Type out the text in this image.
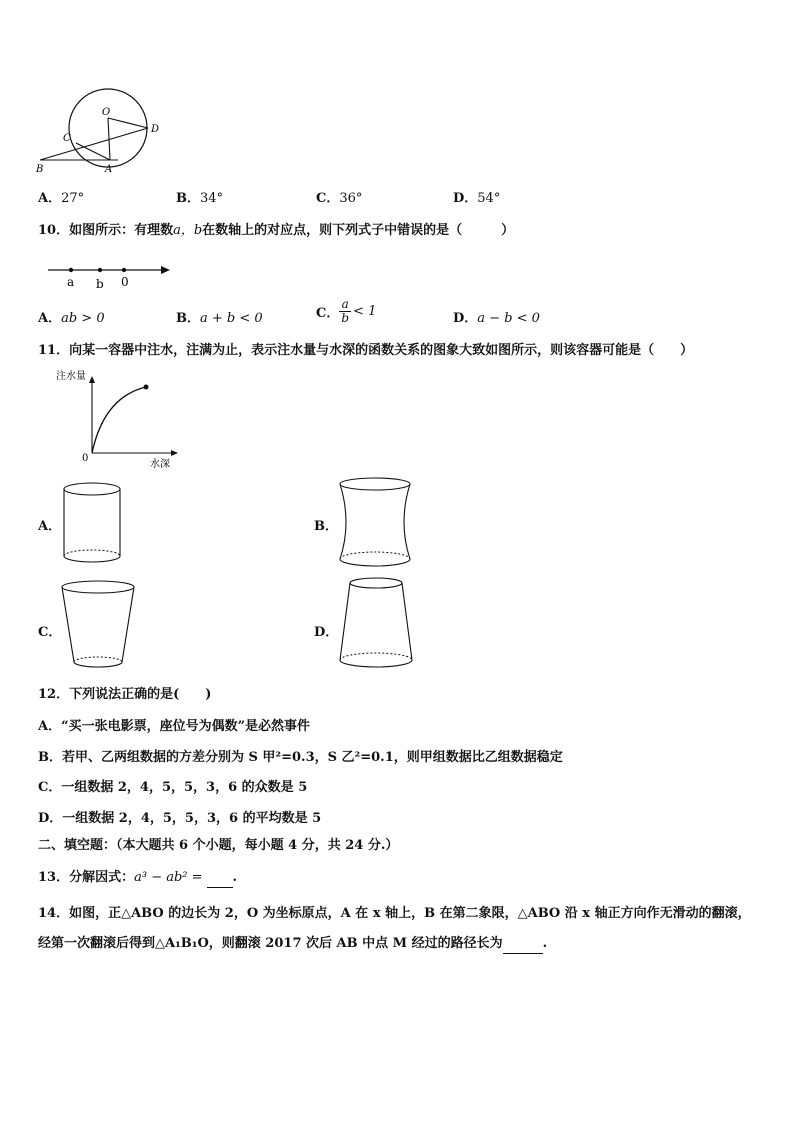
O
C
D
B	A
A．27°	B．34°	C．36°	D．54°
10．如图所示：有理数a，b在数轴上的对应点，则下列式子中错误的是（　　　）
a b 0
A．ab > 0	B．a + b < 0	C． $\frac{a}{b} < 1$	D．a − b < 0
11．向某一容器中注水，注满为止，表示注水量与水深的函数关系的图象大致如图所示，则该容器可能是（　　）
注水量
水深
0
A．	B．
C．	D．
12．下列说法正确的是(　　)
A．“买一张电影票，座位号为偶数”是必然事件
B．若甲、乙两组数据的方差分别为 S 甲²=0.3，S 乙²=0.1，则甲组数据比乙组数据稳定
C．一组数据 2，4，5，5，3，6 的众数是 5
D．一组数据 2，4，5，5，3，6 的平均数是 5
二、填空题：（本大题共 6 个小题，每小题 4 分，共 24 分.）
13．分解因式：a³ − ab² = .
14．如图，正△ABO 的边长为 2，O 为坐标原点，A 在 x 轴上，B 在第二象限，△ABO 沿 x 轴正方向作无滑动的翻滚，
经第一次翻滚后得到△A₁B₁O，则翻滚 2017 次后 AB 中点 M 经过的路径长为	.
